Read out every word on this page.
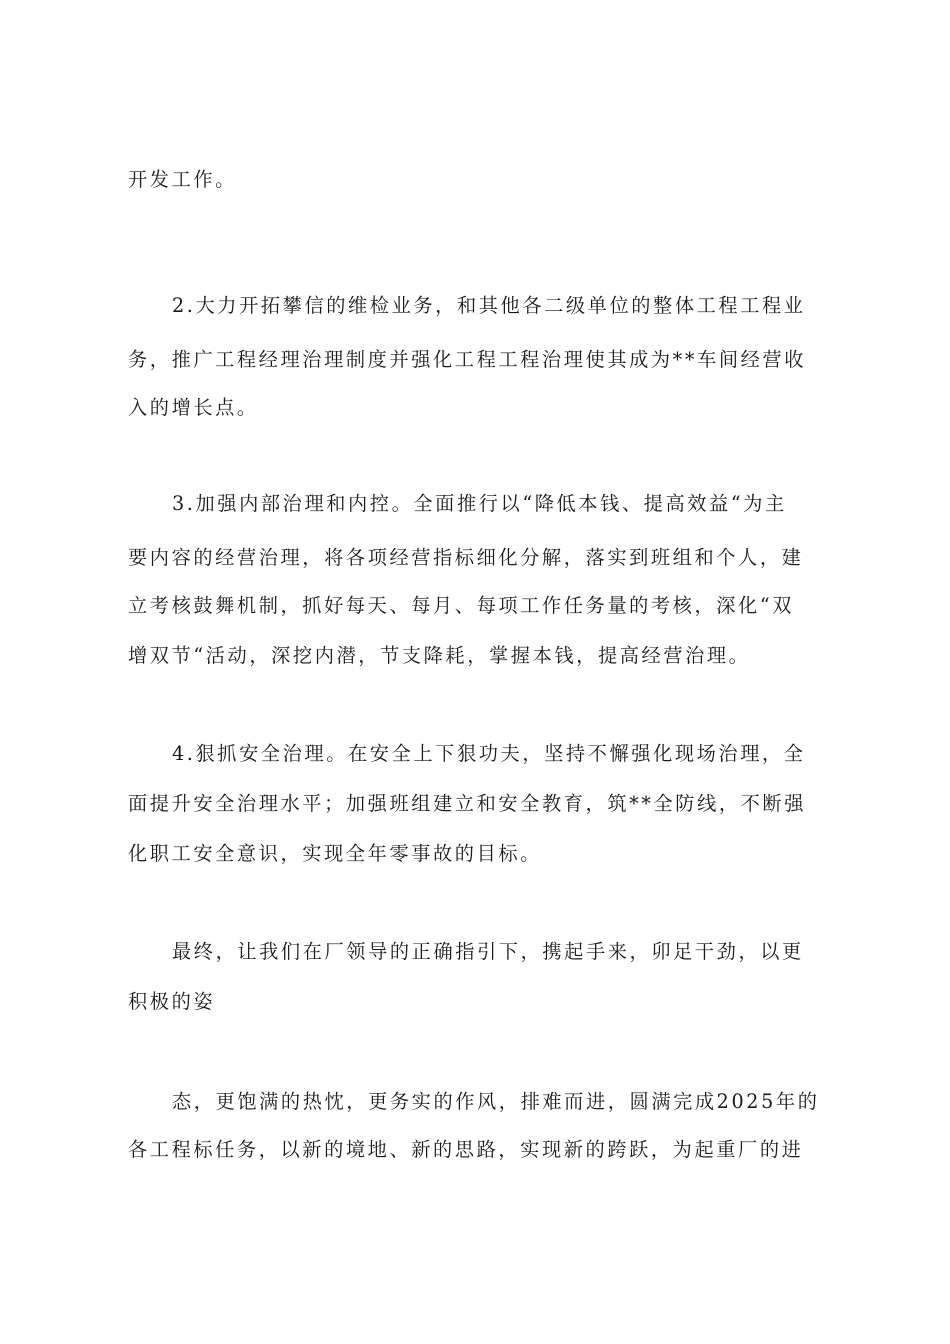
开发工作。
2.大力开拓攀信的维检业务，和其他各二级单位的整体工程工程业
务，推广工程经理治理制度并强化工程工程治理使其成为**车间经营收
入的增长点。
3.加强内部治理和内控。全面推行以“降低本钱、提高效益“为主
要内容的经营治理，将各项经营指标细化分解，落实到班组和个人，建
立考核鼓舞机制，抓好每天、每月、每项工作任务量的考核，深化“双
增双节“活动，深挖内潜，节支降耗，掌握本钱，提高经营治理。
4.狠抓安全治理。在安全上下狠功夫，坚持不懈强化现场治理，全
面提升安全治理水平；加强班组建立和安全教育，筑**全防线，不断强
化职工安全意识，实现全年零事故的目标。
最终，让我们在厂领导的正确指引下，携起手来，卯足干劲，以更
积极的姿
态，更饱满的热忱，更务实的作风，排难而进，圆满完成2025年的
各工程标任务，以新的境地、新的思路，实现新的跨跃，为起重厂的进
